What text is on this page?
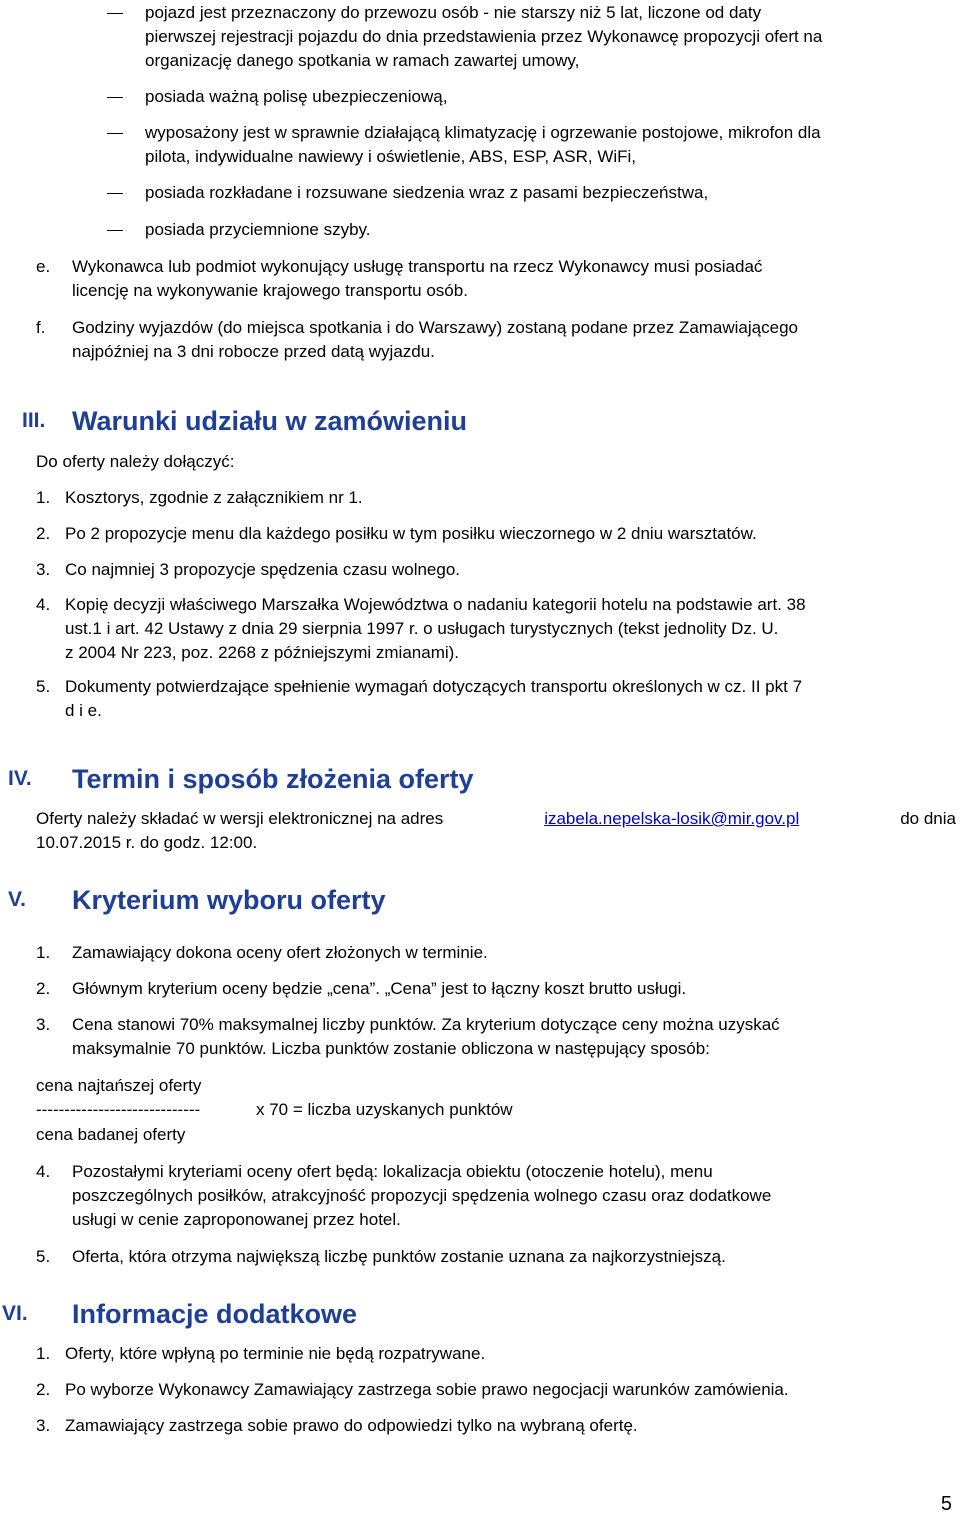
pojazd jest przeznaczony do przewozu osób - nie starszy niż 5 lat, liczone od daty
pierwszej rejestracji pojazdu do dnia przedstawienia przez Wykonawcę propozycji ofert na
organizację danego spotkania w ramach zawartej umowy,
posiada ważną polisę ubezpieczeniową,
wyposażony jest w sprawnie działającą klimatyzację i ogrzewanie postojowe, mikrofon dla
pilota, indywidualne nawiewy i oświetlenie, ABS, ESP, ASR, WiFi,
posiada rozkładane i rozsuwane siedzenia wraz z pasami bezpieczeństwa,
posiada przyciemnione szyby.
e. Wykonawca lub podmiot wykonujący usługę transportu na rzecz Wykonawcy musi posiadać
licencję na wykonywanie krajowego transportu osób.
f. Godziny wyjazdów (do miejsca spotkania i do Warszawy) zostaną podane przez Zamawiającego
najpóźniej na 3 dni robocze przed datą wyjazdu.
III. Warunki udziału w zamówieniu
Do oferty należy dołączyć:
1. Kosztorys, zgodnie z załącznikiem nr 1.
2. Po 2 propozycje menu dla każdego posiłku w tym posiłku wieczornego w 2 dniu warsztatów.
3. Co najmniej 3 propozycje spędzenia czasu wolnego.
4. Kopię decyzji właściwego Marszałka Województwa o nadaniu kategorii hotelu na podstawie art. 38
ust.1 i art. 42 Ustawy z dnia 29 sierpnia 1997 r. o usługach turystycznych (tekst jednolity Dz. U.
z 2004 Nr 223, poz. 2268 z późniejszymi zmianami).
5. Dokumenty potwierdzające spełnienie wymagań dotyczących transportu określonych w cz. II pkt 7
d i e.
IV. Termin i sposób złożenia oferty
Oferty należy składać w wersji elektronicznej na adres	izabela.nepelska-losik@mir.gov.pl	do dnia
10.07.2015 r. do godz. 12:00.
V. Kryterium wyboru oferty
1. Zamawiający dokona oceny ofert złożonych w terminie.
2. Głównym kryterium oceny będzie „cena”. „Cena” jest to łączny koszt brutto usługi.
3. Cena stanowi 70% maksymalnej liczby punktów. Za kryterium dotyczące ceny można uzyskać
maksymalnie 70 punktów. Liczba punktów zostanie obliczona w następujący sposób:
cena najtańszej oferty
-----------------------------	x 70 = liczba uzyskanych punktów
cena badanej oferty
4. Pozostałymi kryteriami oceny ofert będą: lokalizacja obiektu (otoczenie hotelu), menu
poszczególnych posiłków, atrakcyjność propozycji spędzenia wolnego czasu oraz dodatkowe
usługi w cenie zaproponowanej przez hotel.
5. Oferta, która otrzyma największą liczbę punktów zostanie uznana za najkorzystniejszą.
VI. Informacje dodatkowe
1. Oferty, które wpłyną po terminie nie będą rozpatrywane.
2. Po wyborze Wykonawcy Zamawiający zastrzega sobie prawo negocjacji warunków zamówienia.
3. Zamawiający zastrzega sobie prawo do odpowiedzi tylko na wybraną ofertę.
5
